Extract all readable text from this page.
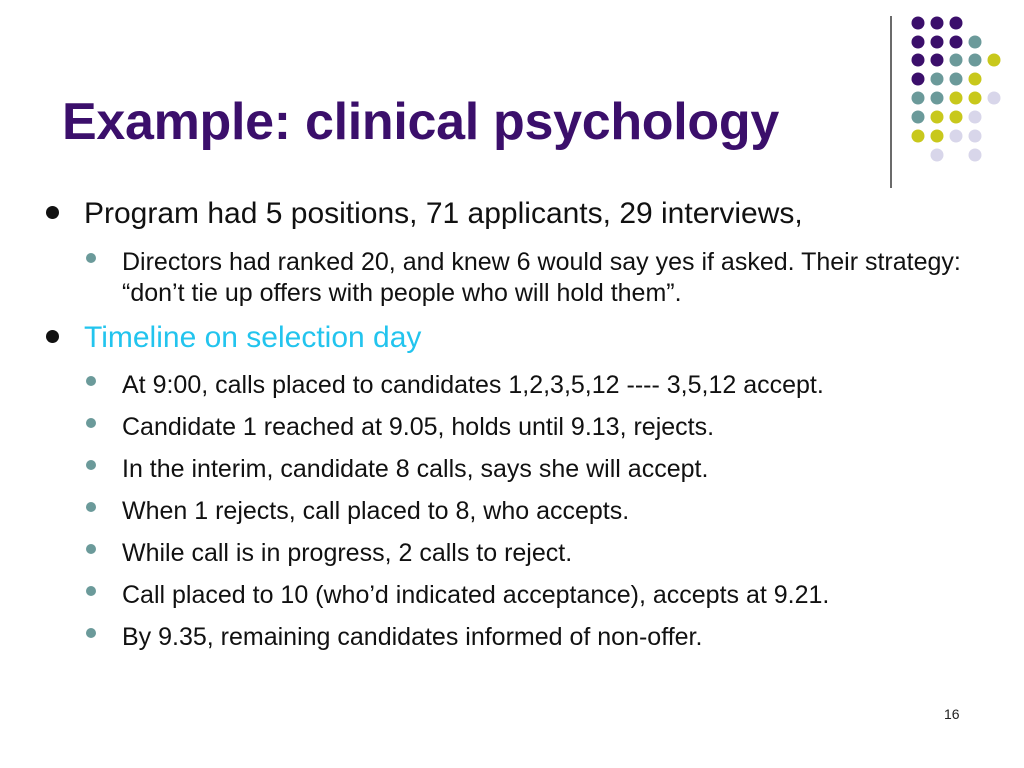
Example: clinical psychology
Program had 5 positions, 71 applicants, 29 interviews,
Directors had ranked 20, and knew 6 would say yes if asked. Their strategy: “don’t tie up offers with people who will hold them”.
Timeline on selection day
At 9:00, calls placed to candidates 1,2,3,5,12 ---- 3,5,12 accept.
Candidate 1 reached at 9.05, holds until 9.13, rejects.
In the interim, candidate 8 calls, says she will accept.
When 1 rejects, call placed to 8, who accepts.
While call is in progress, 2 calls to reject.
Call placed to 10 (who’d indicated acceptance), accepts at 9.21.
By 9.35, remaining candidates informed of non-offer.
16
